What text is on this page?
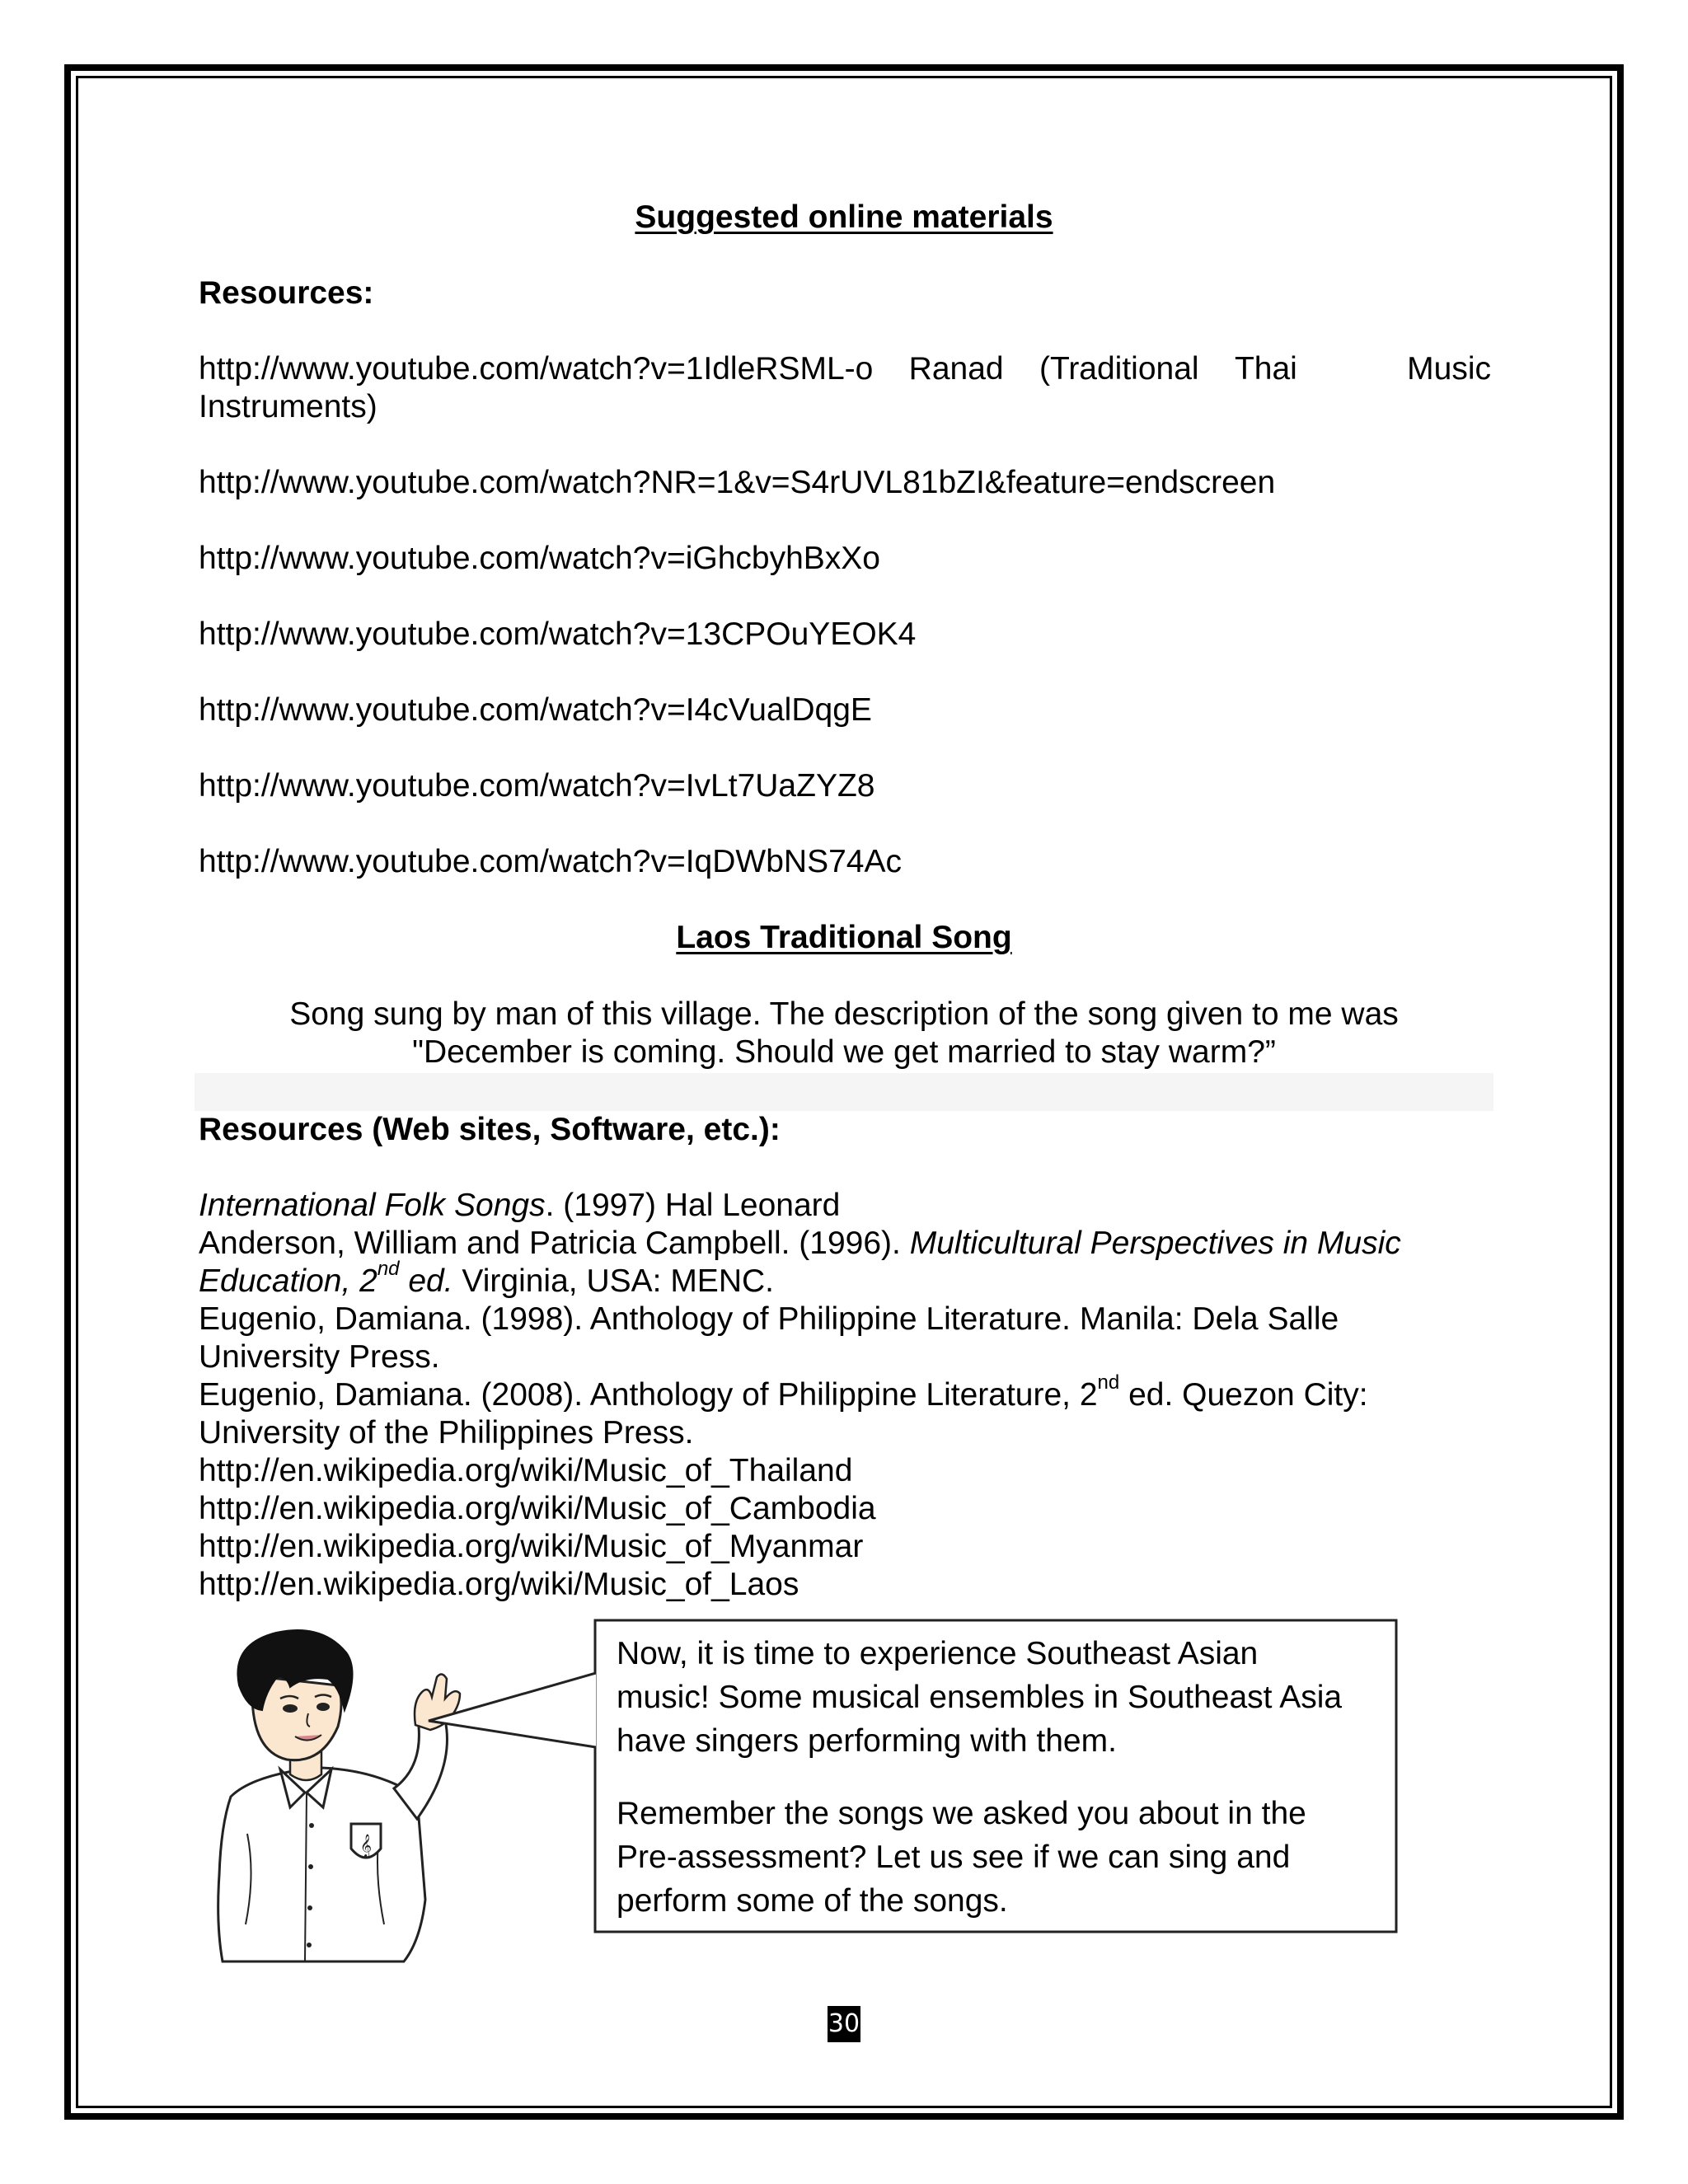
Suggested online materials
Resources:
http://www.youtube.com/watch?v=1IdleRSML-o Ranad (Traditional Thai	Music
Instruments)
http://www.youtube.com/watch?NR=1&v=S4rUVL81bZI&feature=endscreen
http://www.youtube.com/watch?v=iGhcbyhBxXo
http://www.youtube.com/watch?v=13CPOuYEOK4
http://www.youtube.com/watch?v=I4cVualDqgE
http://www.youtube.com/watch?v=IvLt7UaZYZ8
http://www.youtube.com/watch?v=IqDWbNS74Ac
Laos Traditional Song
Song sung by man of this village. The description of the song given to me was
"December is coming. Should we get married to stay warm?”
Resources (Web sites, Software, etc.):
International Folk Songs. (1997) Hal Leonard
Anderson, William and Patricia Campbell. (1996). Multicultural Perspectives in Music
Education, 2nd ed. Virginia, USA: MENC.
Eugenio, Damiana. (1998). Anthology of Philippine Literature. Manila: Dela Salle
University Press.
Eugenio, Damiana. (2008). Anthology of Philippine Literature, 2nd ed. Quezon City:
University of the Philippines Press.
http://en.wikipedia.org/wiki/Music_of_Thailand
http://en.wikipedia.org/wiki/Music_of_Cambodia
http://en.wikipedia.org/wiki/Music_of_Myanmar
http://en.wikipedia.org/wiki/Music_of_Laos
𝄞
Now, it is time to experience Southeast Asian
music! Some musical ensembles in Southeast Asia
have singers performing with them.
Remember the songs we asked you about in the
Pre-assessment? Let us see if we can sing and
perform some of the songs.
30
